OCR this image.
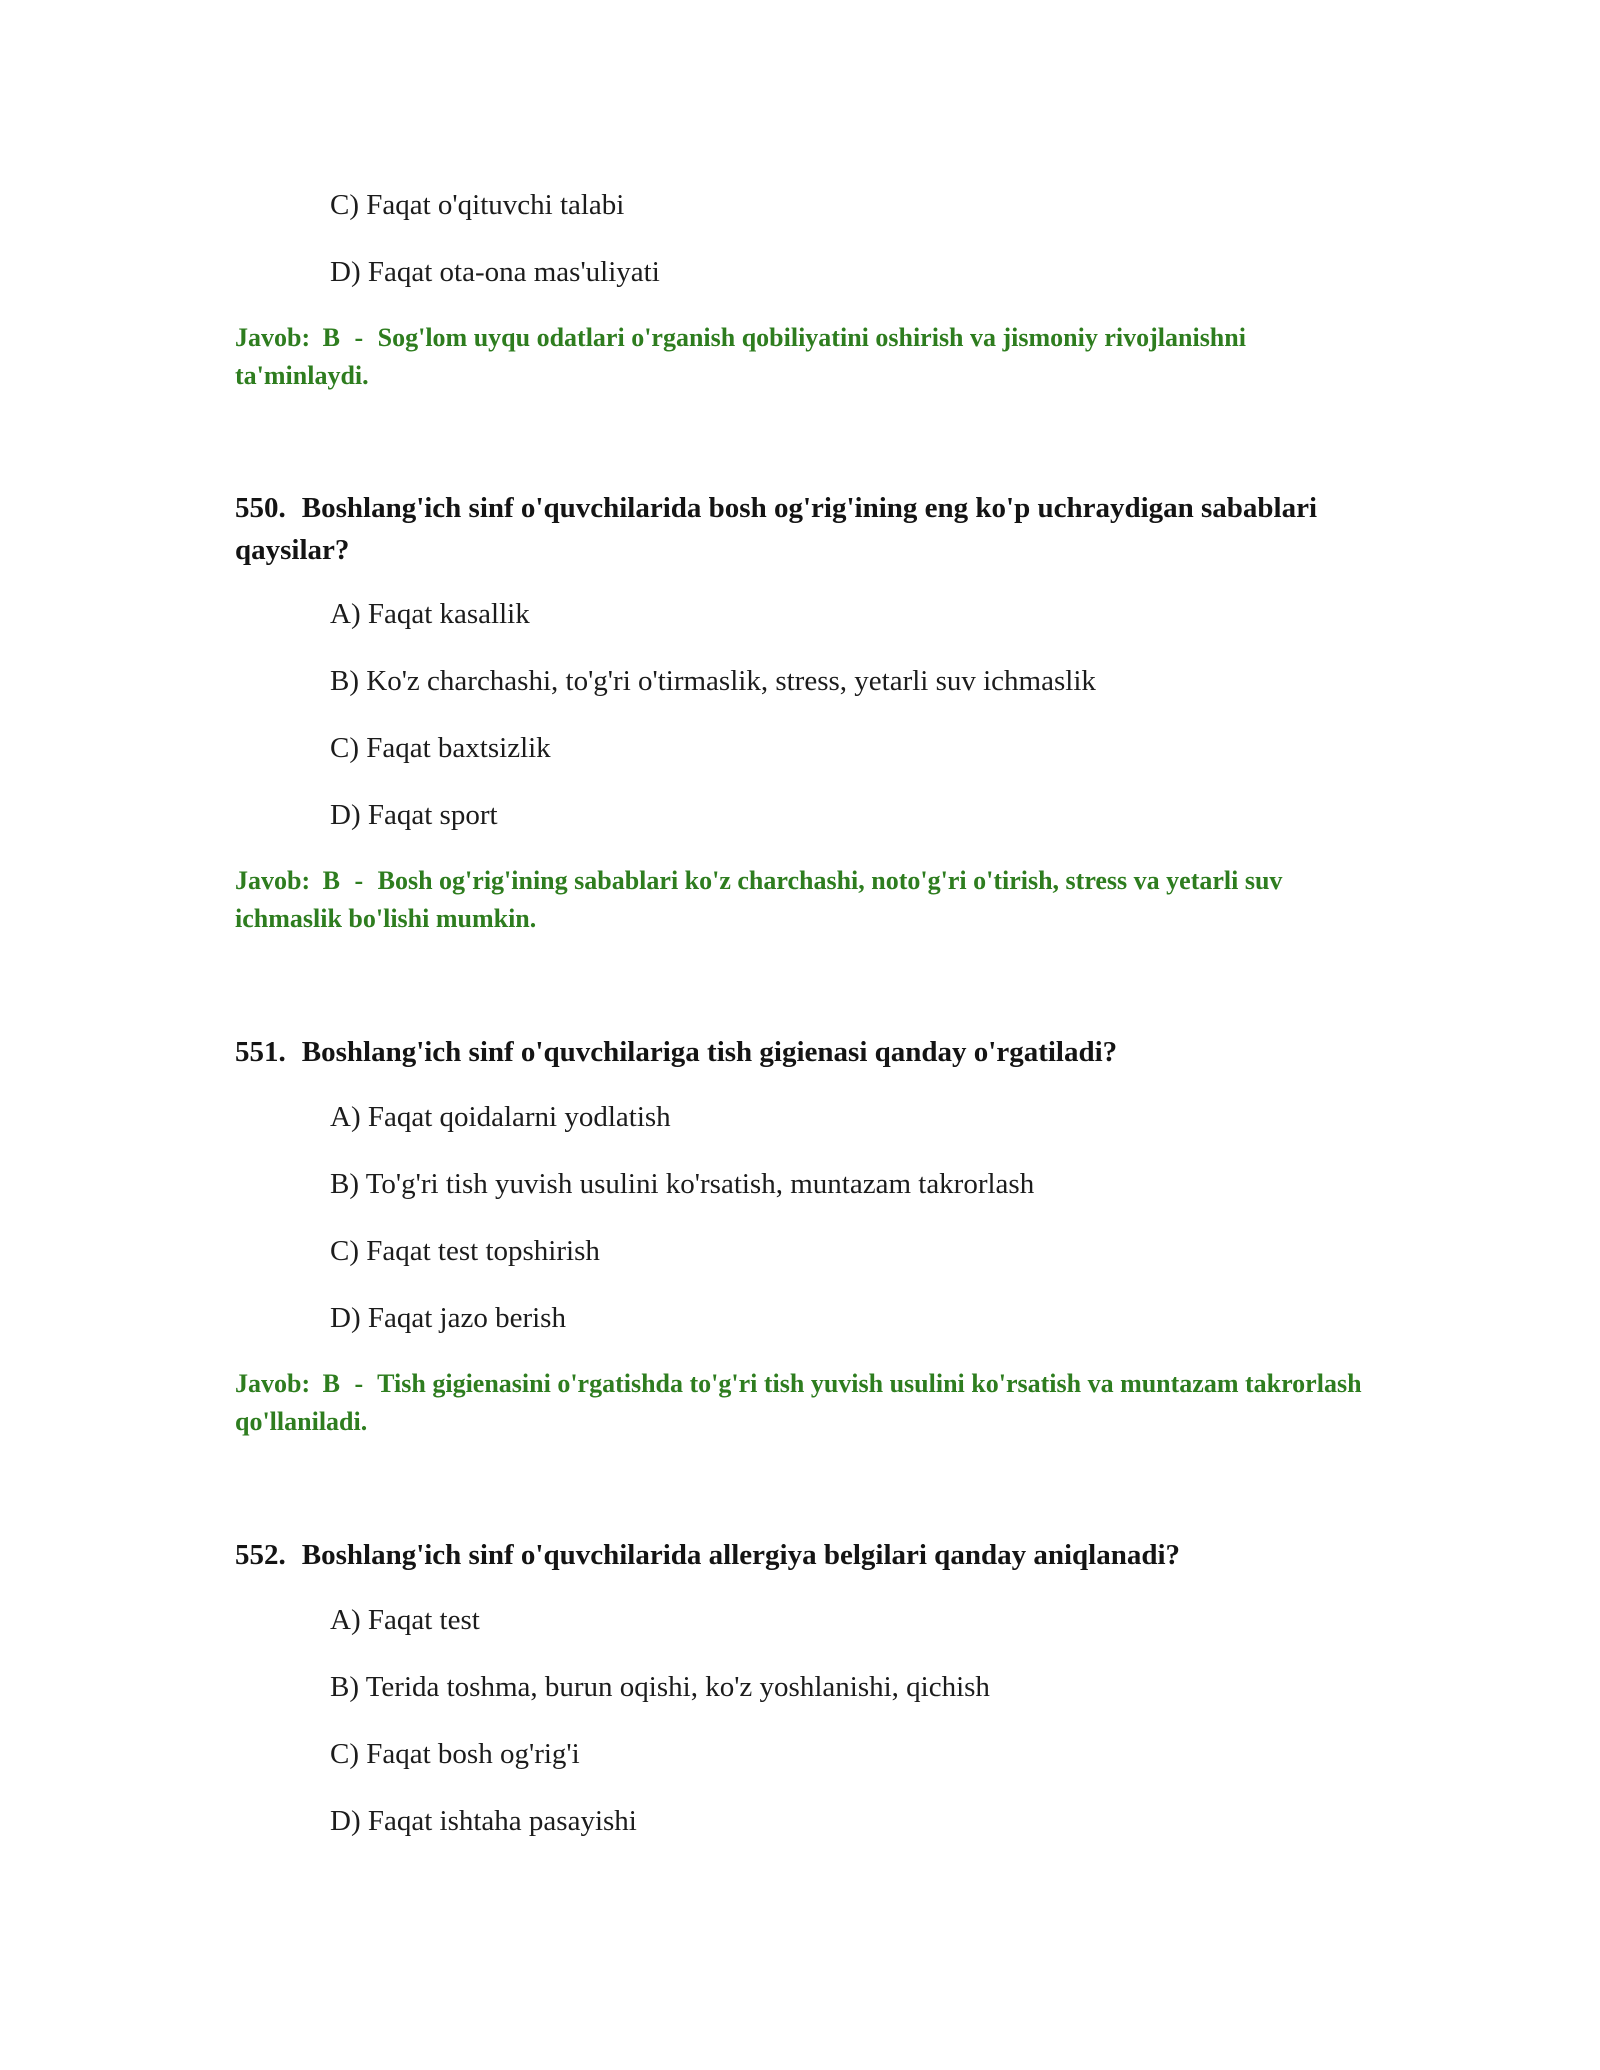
C) Faqat o'qituvchi talabi
D) Faqat ota-ona mas'uliyati
Javob: B - Sog'lom uyqu odatlari o'rganish qobiliyatini oshirish va jismoniy rivojlanishni ta'minlaydi.
550. Boshlang'ich sinf o'quvchilarida bosh og'rig'ining eng ko'p uchraydigan sabablari qaysilar?
A) Faqat kasallik
B) Ko'z charchashi, to'g'ri o'tirmaslik, stress, yetarli suv ichmaslik
C) Faqat baxtsizlik
D) Faqat sport
Javob: B - Bosh og'rig'ining sabablari ko'z charchashi, noto'g'ri o'tirish, stress va yetarli suv ichmaslik bo'lishi mumkin.
551. Boshlang'ich sinf o'quvchilariga tish gigienasi qanday o'rgatiladi?
A) Faqat qoidalarni yodlatish
B) To'g'ri tish yuvish usulini ko'rsatish, muntazam takrorlash
C) Faqat test topshirish
D) Faqat jazo berish
Javob: B - Tish gigienasini o'rgatishda to'g'ri tish yuvish usulini ko'rsatish va muntazam takrorlash qo'llaniladi.
552. Boshlang'ich sinf o'quvchilarida allergiya belgilari qanday aniqlanadi?
A) Faqat test
B) Terida toshma, burun oqishi, ko'z yoshlanishi, qichish
C) Faqat bosh og'rig'i
D) Faqat ishtaha pasayishi
